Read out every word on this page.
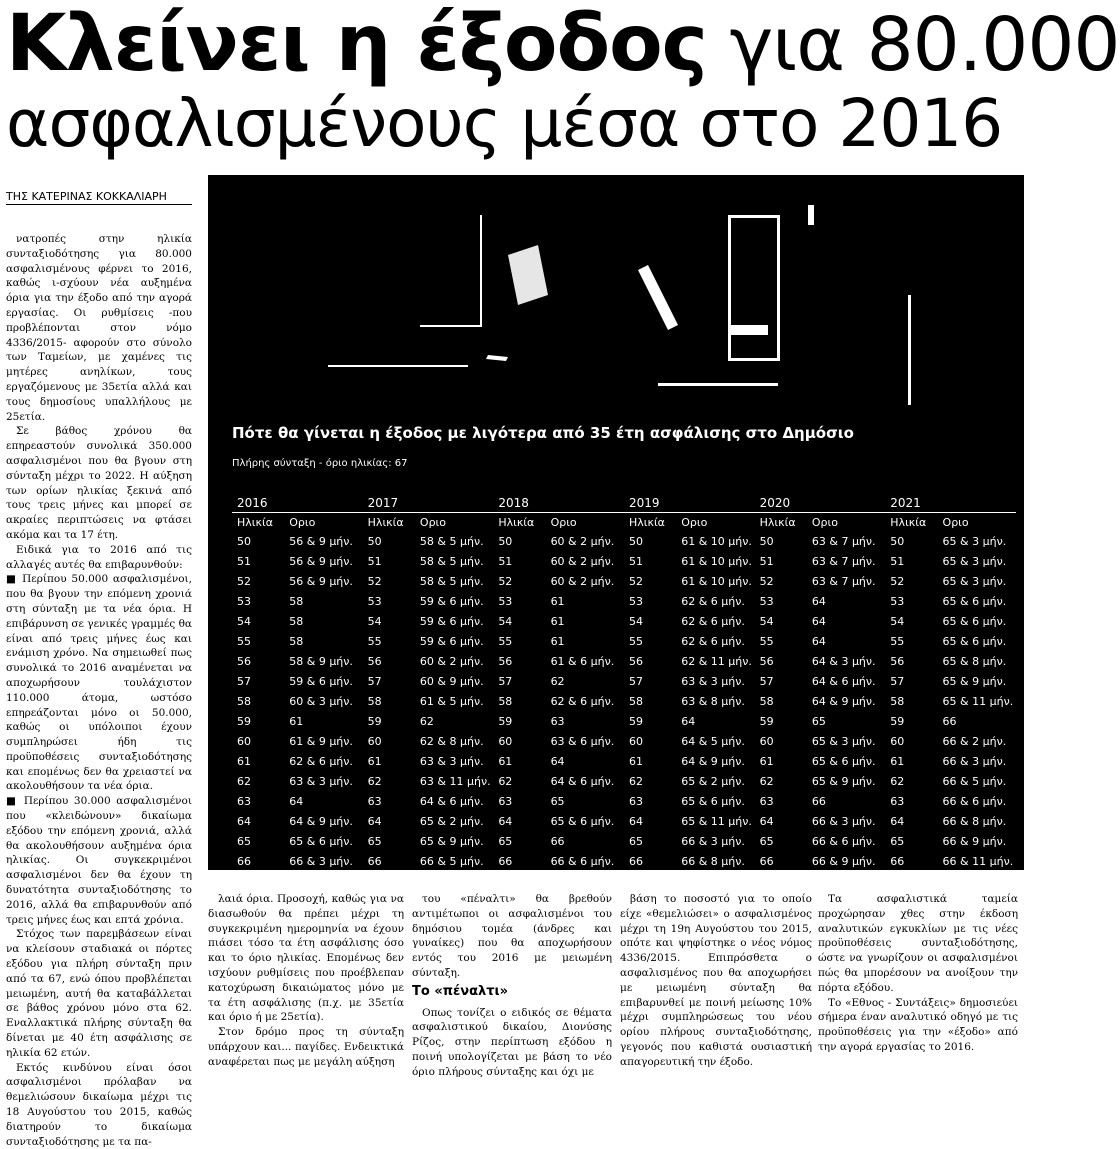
Κλείνει η έξοδος για 80.000
ασφαλισμένους μέσα στο 2016
ΤΗΣ ΚΑΤΕΡΙΝΑΣ ΚΟΚΚΑΛΙΑΡΗ

νατροπές στην ηλικία συνταξιοδότησης για 80.000 ασφαλισμένους φέρνει το 2016, καθώς ι-σχύουν νέα αυξημένα όρια για την έξοδο από την αγορά εργασίας. Οι ρυθμίσεις -που προβλέπονται στον νόμο 4336/2015- αφορούν στο σύνολο των Ταμείων, με χαμένες τις μητέρες ανηλίκων, τους εργαζόμενους με 35ετία αλλά και τους δημοσίους υπαλλήλους με 25ετία.

Σε βάθος χρόνου θα επηρεαστούν συνολικά 350.000 ασφαλισμένοι που θα βγουν στη σύνταξη μέχρι το 2022. Η αύξηση των ορίων ηλικίας ξεκινά από τους τρεις μήνες και μπορεί σε ακραίες περιπτώσεις να φτάσει ακόμα και τα 17 έτη.

Ειδικά για το 2016 από τις αλλαγές αυτές θα επιβαρυνθούν:

■ Περίπου 50.000 ασφαλισμένοι, που θα βγουν την επόμενη χρονιά στη σύνταξη με τα νέα όρια. Η επιβάρυνση σε γενικές γραμμές θα είναι από τρεις μήνες έως και ενάμιση χρόνο. Να σημειωθεί πως συνολικά το 2016 αναμένεται να αποχωρήσουν τουλάχιστον 110.000 άτομα, ωστόσο επηρεάζονται μόνο οι 50.000, καθώς οι υπόλοιποι έχουν συμπληρώσει ήδη τις προϋποθέσεις συνταξιοδότησης και επομένως δεν θα χρειαστεί να ακολουθήσουν τα νέα όρια.

■ Περίπου 30.000 ασφαλισμένοι που «κλειδώνουν» δικαίωμα εξόδου την επόμενη χρονιά, αλλά θα ακολουθήσουν αυξημένα όρια ηλικίας. Οι συγκεκριμένοι ασφαλισμένοι δεν θα έχουν τη δυνατότητα συνταξιοδότησης το 2016, αλλά θα επιβαρυνθούν από τρεις μήνες έως και επτά χρόνια.

Στόχος των παρεμβάσεων είναι να κλείσουν σταδιακά οι πόρτες εξόδου για πλήρη σύνταξη πριν από τα 67, ενώ όπου προβλέπεται μειωμένη, αυτή θα καταβάλλεται σε βάθος χρόνου μόνο στα 62. Εναλλακτικά πλήρης σύνταξη θα δίνεται με 40 έτη ασφάλισης σε ηλικία 62 ετών.

Εκτός κινδύνου είναι όσοι ασφαλισμένοι πρόλαβαν να θεμελιώσουν δικαίωμα μέχρι τις 18 Αυγούστου του 2015, καθώς διατηρούν το δικαίωμα συνταξιοδότησης με τα πα-

Πότε θα γίνεται η έξοδος με λιγότερα από 35 έτη ασφάλισης στο Δημόσιο
Πλήρης σύνταξη - όριο ηλικίας: 67
2016		2017		2018		2019		2020		2021	
Ηλικία	Οριο	Ηλικία	Οριο	Ηλικία	Οριο	Ηλικία	Οριο	Ηλικία	Οριο	Ηλικία	Οριο
50	56 & 9 μήν.	50	58 & 5 μήν.	50	60 & 2 μήν.	50	61 & 10 μήν.	50	63 & 7 μήν.	50	65 & 3 μήν.
51	56 & 9 μήν.	51	58 & 5 μήν.	51	60 & 2 μήν.	51	61 & 10 μήν.	51	63 & 7 μήν.	51	65 & 3 μήν.
52	56 & 9 μήν.	52	58 & 5 μήν.	52	60 & 2 μήν.	52	61 & 10 μήν.	52	63 & 7 μήν.	52	65 & 3 μήν.
53	58	53	59 & 6 μήν.	53	61	53	62 & 6 μήν.	53	64	53	65 & 6 μήν.
54	58	54	59 & 6 μήν.	54	61	54	62 & 6 μήν.	54	64	54	65 & 6 μήν.
55	58	55	59 & 6 μήν.	55	61	55	62 & 6 μήν.	55	64	55	65 & 6 μήν.
56	58 & 9 μήν.	56	60 & 2 μήν.	56	61 & 6 μήν.	56	62 & 11 μήν.	56	64 & 3 μήν.	56	65 & 8 μήν.
57	59 & 6 μήν.	57	60 & 9 μήν.	57	62	57	63 & 3 μήν.	57	64 & 6 μήν.	57	65 & 9 μήν.
58	60 & 3 μήν.	58	61 & 5 μήν.	58	62 & 6 μήν.	58	63 & 8 μήν.	58	64 & 9 μήν.	58	65 & 11 μήν.
59	61	59	62	59	63	59	64	59	65	59	66
60	61 & 9 μήν.	60	62 & 8 μήν.	60	63 & 6 μήν.	60	64 & 5 μήν.	60	65 & 3 μήν.	60	66 & 2 μήν.
61	62 & 6 μήν.	61	63 & 3 μήν.	61	64	61	64 & 9 μήν.	61	65 & 6 μήν.	61	66 & 3 μήν.
62	63 & 3 μήν.	62	63 & 11 μήν.	62	64 & 6 μήν.	62	65 & 2 μήν.	62	65 & 9 μήν.	62	66 & 5 μήν.
63	64	63	64 & 6 μήν.	63	65	63	65 & 6 μήν.	63	66	63	66 & 6 μήν.
64	64 & 9 μήν.	64	65 & 2 μήν.	64	65 & 6 μήν.	64	65 & 11 μήν.	64	66 & 3 μήν.	64	66 & 8 μήν.
65	65 & 6 μήν.	65	65 & 9 μήν.	65	66	65	66 & 3 μήν.	65	66 & 6 μήν.	65	66 & 9 μήν.
66	66 & 3 μήν.	66	66 & 5 μήν.	66	66 & 6 μήν.	66	66 & 8 μήν.	66	66 & 9 μήν.	66	66 & 11 μήν.

λαιά όρια. Προσοχή, καθώς για να διασωθούν θα πρέπει μέχρι τη συγκεκριμένη ημερομηνία να έχουν πιάσει τόσο τα έτη ασφάλισης όσο και το όριο ηλικίας. Επομένως δεν ισχύουν ρυθμίσεις που προέβλεπαν κατοχύρωση δικαιώματος μόνο με τα έτη ασφάλισης (π.χ. με 35ετία και όριο ή με 25ετία).

Στον δρόμο προς τη σύνταξη υπάρχουν και... παγίδες. Ενδεικτικά αναφέρεται πως με μεγάλη αύξηση

του «πέναλτι» θα βρεθούν αντιμέτωποι οι ασφαλισμένοι του δημόσιου τομέα (άνδρες και γυναίκες) που θα αποχωρήσουν εντός του 2016 με μειωμένη σύνταξη.

Το «πέναλτι»

Οπως τονίζει ο ειδικός σε θέματα ασφαλιστικού δικαίου, Διονύσης Ρίζος, στην περίπτωση εξόδου η ποινή υπολογίζεται με βάση το νέο όριο πλήρους σύνταξης και όχι με

βάση το ποσοστό για το οποίο είχε «θεμελιώσει» ο ασφαλισμένος μέχρι τη 19η Αυγούστου του 2015, οπότε και ψηφίστηκε ο νέος νόμος 4336/2015. Επιπρόσθετα ο ασφαλισμένος που θα αποχωρήσει με μειωμένη σύνταξη θα επιβαρυνθεί με ποινή μείωσης 10% μέχρι συμπληρώσεως του νέου ορίου πλήρους συνταξιοδότησης, γεγονός που καθιστά ουσιαστική απαγορευτική την έξοδο.

Τα ασφαλιστικά ταμεία προχώρησαν χθες στην έκδοση αναλυτικών εγκυκλίων με τις νέες προϋποθέσεις συνταξιοδότησης, ώστε να γνωρίζουν οι ασφαλισμένοι πώς θα μπορέσουν να ανοίξουν την πόρτα εξόδου.

Το «Εθνος - Συντάξεις» δημοσιεύει σήμερα έναν αναλυτικό οδηγό με τις προϋποθέσεις για την «έξοδο» από την αγορά εργασίας το 2016.
